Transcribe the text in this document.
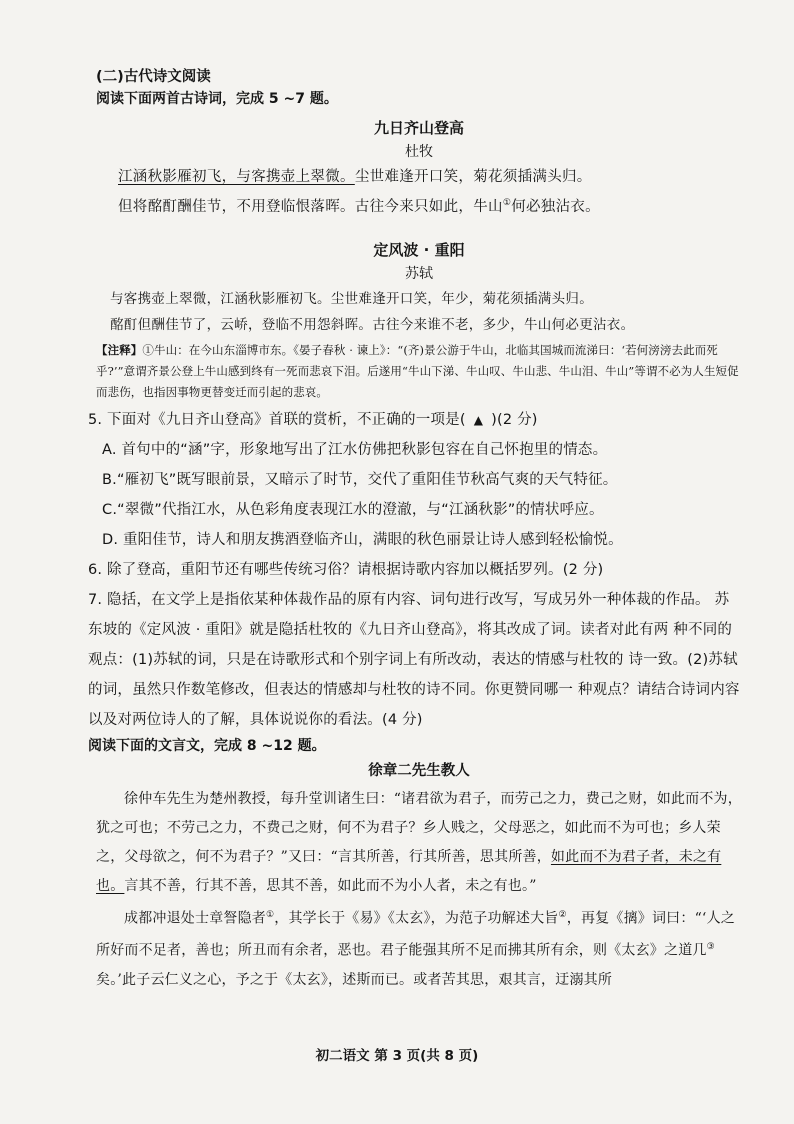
(二)古代诗文阅读

阅读下面两首古诗词，完成 5 ~7 题。

九日齐山登高

杜牧

江涵秋影雁初飞，与客携壶上翠微。尘世难逢开口笑，菊花须插满头归。

但将酩酊酬佳节，不用登临恨落晖。古往今来只如此，牛山①何必独沾衣。

定风波 · 重阳

苏轼

与客携壶上翠微，江涵秋影雁初飞。尘世难逢开口笑，年少，菊花须插满头归。

酩酊但酬佳节了，云峤，登临不用怨斜晖。古往今来谁不老，多少，牛山何必更沾衣。

【注释】①牛山：在今山东淄博市东。《晏子春秋 · 谏上》：“(齐)景公游于牛山，北临其国城而流涕曰：‘若何滂滂去此而死乎?’”意谓齐景公登上牛山感到终有一死而悲哀下泪。后遂用“牛山下涕、牛山叹、牛山悲、牛山泪、牛山”等谓不必为人生短促而悲伤，也指因事物更替变迁而引起的悲哀。

5. 下面对《九日齐山登高》首联的赏析，不正确的一项是( ▲ )(2 分)

A. 首句中的“涵”字，形象地写出了江水仿佛把秋影包容在自己怀抱里的情态。

B.“雁初飞”既写眼前景，又暗示了时节，交代了重阳佳节秋高气爽的天气特征。

C.“翠微”代指江水，从色彩角度表现江水的澄澈，与“江涵秋影”的情状呼应。

D. 重阳佳节，诗人和朋友携酒登临齐山，满眼的秋色丽景让诗人感到轻松愉悦。

6. 除了登高，重阳节还有哪些传统习俗？请根据诗歌内容加以概括罗列。(2 分)

7. 隐括，在文学上是指依某种体裁作品的原有内容、词句进行改写，写成另外一种体裁的作品。 苏东坡的《定风波 · 重阳》就是隐括杜牧的《九日齐山登高》，将其改成了词。读者对此有两 种不同的观点：(1)苏轼的词，只是在诗歌形式和个别字词上有所改动，表达的情感与杜牧的 诗一致。(2)苏轼的词，虽然只作数笔修改，但表达的情感却与杜牧的诗不同。你更赞同哪一 种观点？请结合诗词内容以及对两位诗人的了解，具体说说你的看法。(4 分)

阅读下面的文言文，完成 8 ~12 题。

徐章二先生教人

徐仲车先生为楚州教授，每升堂训诸生曰：“诸君欲为君子，而劳己之力，费己之财，如此而不为，犹之可也；不劳己之力，不费己之财，何不为君子？乡人贱之，父母恶之，如此而不为可也；乡人荣之，父母欲之，何不为君子？”又曰：“言其所善，行其所善，思其所善，如此而不为君子者，未之有也。言其不善，行其不善，思其不善，如此而不为小人者，未之有也。”

成都冲退处士章詧隐者①，其学长于《易》《太玄》，为范子功解述大旨②，再复《摛》词曰：“‘人之所好而不足者，善也；所丑而有余者，恶也。君子能强其所不足而拂其所有余，则《太玄》之道几③矣。’此子云仁义之心，予之于《太玄》，述斯而已。或者苦其思，艰其言，迂溺其所

初二语文 第 3 页(共 8 页)
